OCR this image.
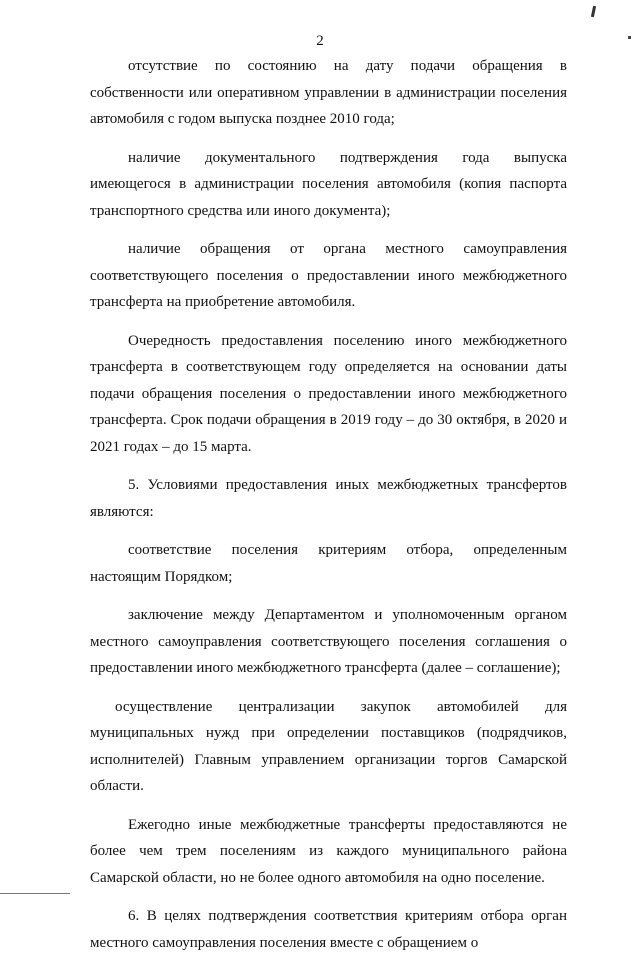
2

отсутствие по состоянию на дату подачи обращения в собственности или оперативном управлении в администрации поселения автомобиля с годом выпуска позднее 2010 года;

наличие документального подтверждения года выпуска имеющегося в администрации поселения автомобиля (копия паспорта транспортного средства или иного документа);

наличие обращения от органа местного самоуправления соответствующего поселения о предоставлении иного межбюджетного трансферта на приобретение автомобиля.

Очередность предоставления поселению иного межбюджетного трансферта в соответствующем году определяется на основании даты подачи обращения поселения о предоставлении иного межбюджетного трансферта. Срок подачи обращения в 2019 году – до 30 октября, в 2020 и 2021 годах – до 15 марта.

5. Условиями предоставления иных межбюджетных трансфертов являются:

соответствие поселения критериям отбора, определенным настоящим Порядком;

заключение между Департаментом и уполномоченным органом местного самоуправления соответствующего поселения соглашения о предоставлении иного межбюджетного трансферта (далее – соглашение);

осуществление централизации закупок автомобилей для муниципальных нужд при определении поставщиков (подрядчиков, исполнителей) Главным управлением организации торгов Самарской области.

Ежегодно иные межбюджетные трансферты предоставляются не более чем трем поселениям из каждого муниципального района Самарской области, но не более одного автомобиля на одно поселение.

6. В целях подтверждения соответствия критериям отбора орган местного самоуправления поселения вместе с обращением о
